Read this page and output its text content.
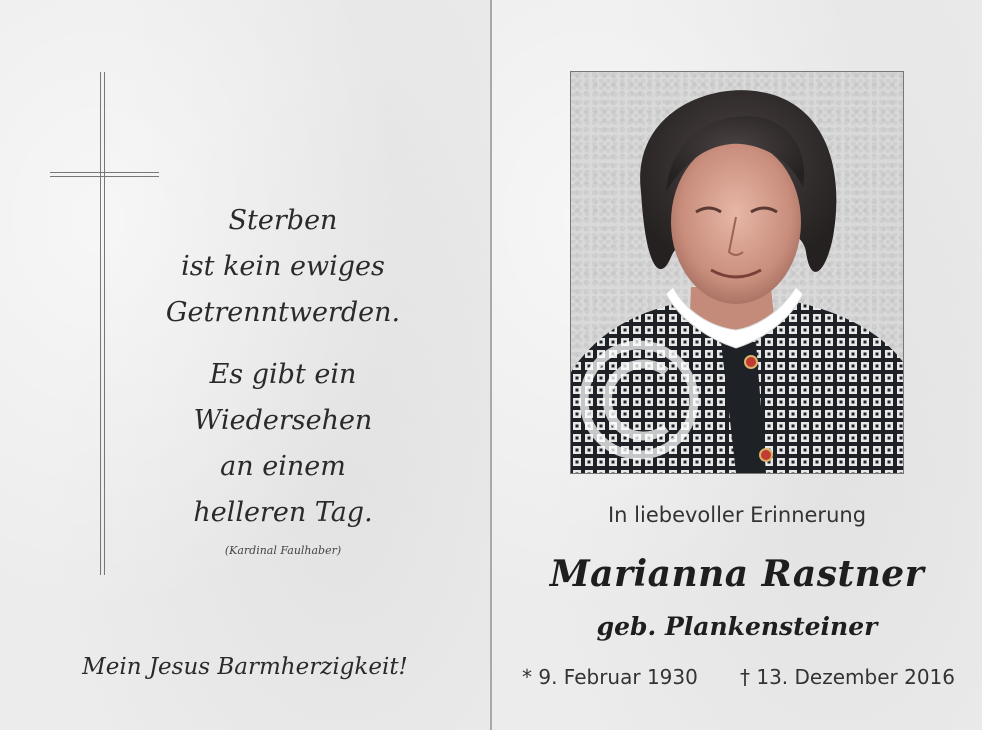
Sterben
ist kein ewiges
Getrenntwerden.
Es gibt ein
Wiedersehen
an einem
helleren Tag.
(Kardinal Faulhaber)
Mein Jesus Barmherzigkeit!
In liebevoller Erinnerung
Marianna Rastner
geb. Plankensteiner
* 9. Februar 1930	† 13. Dezember 2016
